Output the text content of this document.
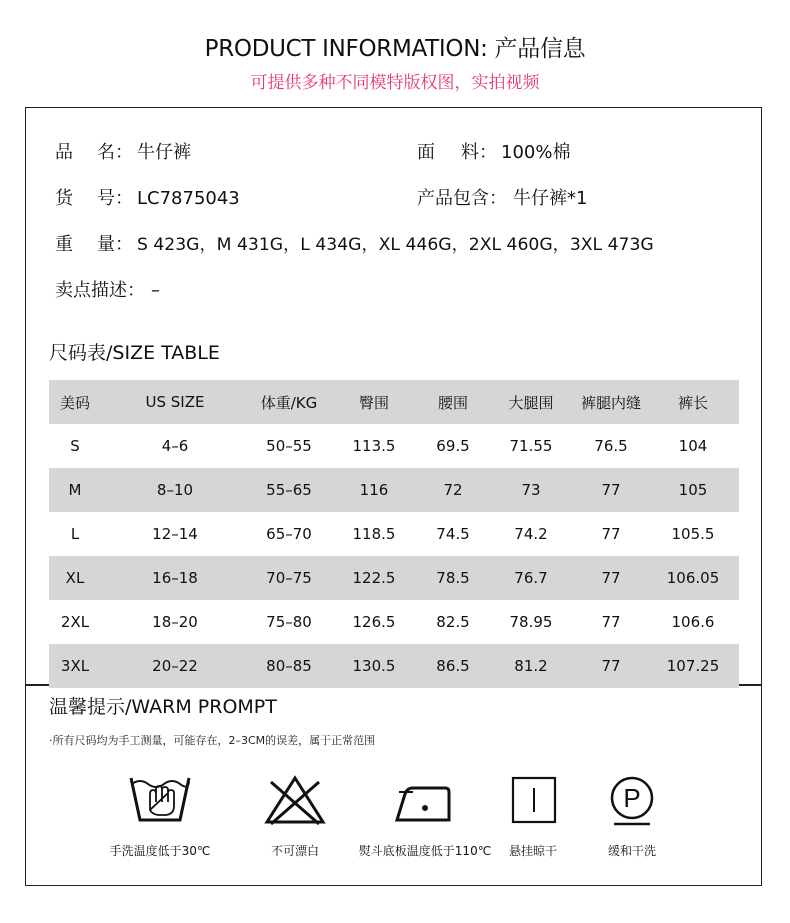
PRODUCT INFORMATION: 产品信息
可提供多种不同模特版权图，实拍视频
品 名： 牛仔裤	面 料： 100%棉
货 号： LC7875043	产品包含： 牛仔裤*1
重 量： S 423G，M 431G，L 434G，XL 446G，2XL 460G，3XL 473G
卖点描述： –
尺码表/SIZE TABLE
美码	US SIZE	体重/KG	臀围	腰围	大腿围	裤腿内缝	裤长
S	4–6	50–55	113.5	69.5	71.55	76.5	104
M	8–10	55–65	116	72	73	77	105
L	12–14	65–70	118.5	74.5	74.2	77	105.5
XL	16–18	70–75	122.5	78.5	76.7	77	106.05
2XL	18–20	75–80	126.5	82.5	78.95	77	106.6
3XL	20–22	80–85	130.5	86.5	81.2	77	107.25
温馨提示/WARM PROMPT
·所有尺码均为手工测量，可能存在，2–3CM的误差，属于正常范围
手洗温度低于30℃	不可漂白	熨斗底板温度低于110℃	悬挂晾干
P
缓和干洗
